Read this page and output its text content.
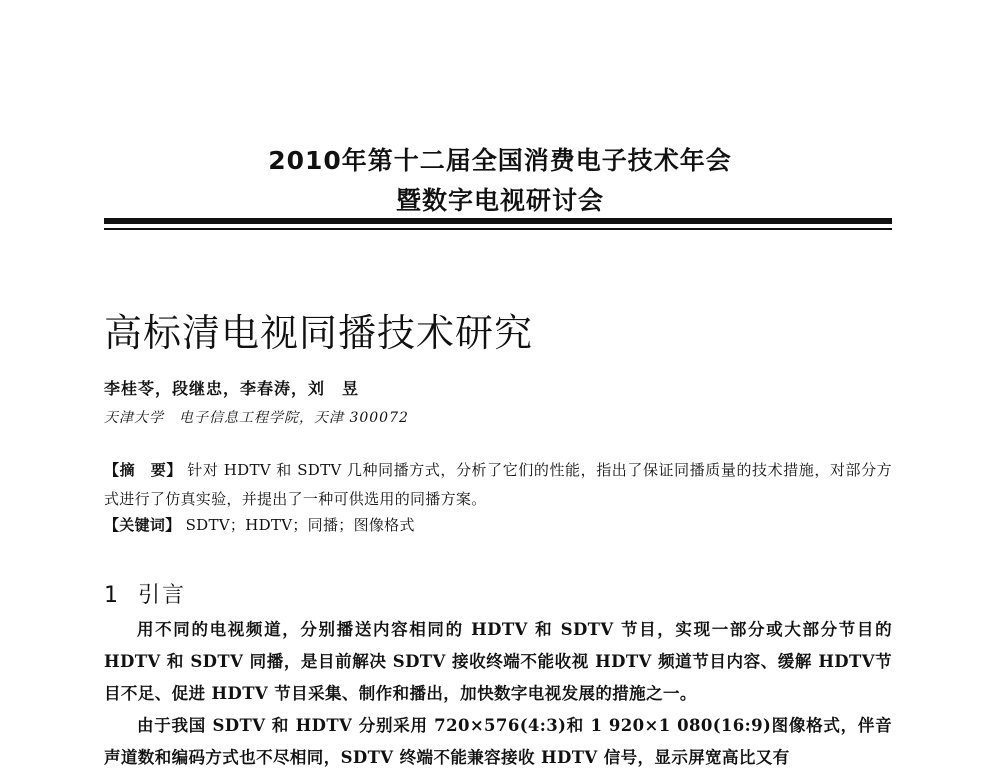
2010年第十二届全国消费电子技术年会
暨数字电视研讨会
高标清电视同播技术研究
李桂苓，段继忠，李春涛，刘　昱
天津大学　电子信息工程学院，天津 300072
【摘　要】 针对 HDTV 和 SDTV 几种同播方式，分析了它们的性能，指出了保证同播质量的技术措施，对部分方式进行了仿真实验，并提出了一种可供选用的同播方案。
【关键词】 SDTV；HDTV；同播；图像格式
1 引言
用不同的电视频道，分别播送内容相同的 HDTV 和 SDTV 节目，实现一部分或大部分节目的 HDTV 和 SDTV 同播，是目前解决 SDTV 接收终端不能收视 HDTV 频道节目内容、缓解 HDTV节目不足、促进 HDTV 节目采集、制作和播出，加快数字电视发展的措施之一。
由于我国 SDTV 和 HDTV 分别采用 720×576(4:3)和 1 920×1 080(16:9)图像格式，伴音声道数和编码方式也不尽相同，SDTV 终端不能兼容接收 HDTV 信号，显示屏宽高比又有
